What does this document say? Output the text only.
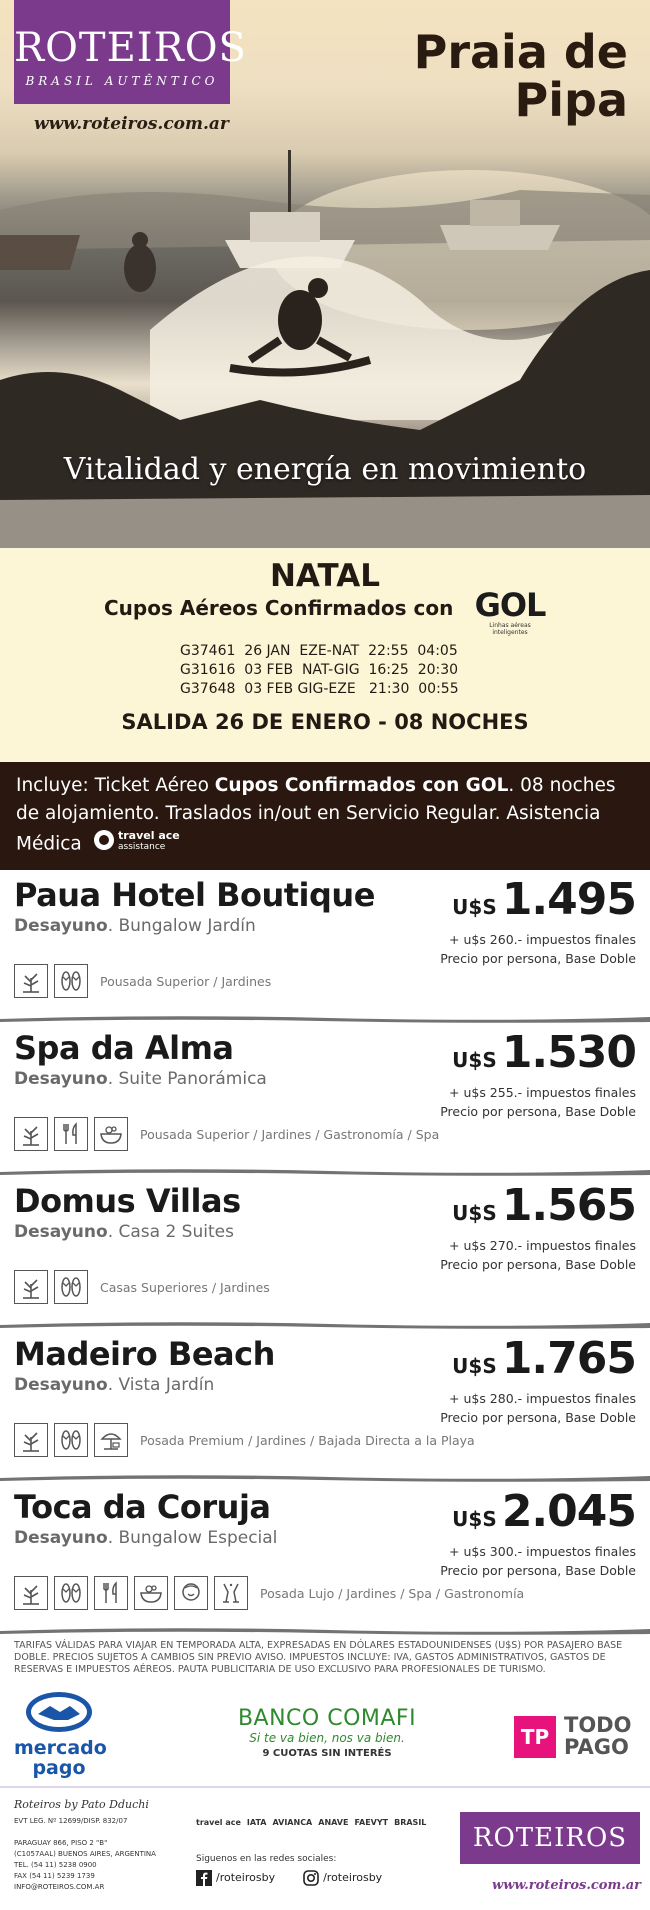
ROTEIROS
BRASIL AUTÊNTICO
www.roteiros.com.ar
Praia de
Pipa
Vitalidad y energía en movimiento
NATAL
Cupos Aéreos Confirmados con GOL
Linhas aéreas inteligentes
G37461  26 JAN  EZE-NAT  22:55  04:05
G31616  03 FEB  NAT-GIG  16:25  20:30
G37648  03 FEB GIG-EZE   21:30  00:55
SALIDA 26 DE ENERO - 08 NOCHES
Incluye: Ticket Aéreo Cupos Confirmados con GOL. 08 noches de alojamiento. Traslados in/out en Servicio Regular. Asistencia Médica	travel ace
assistance
Paua Hotel Boutique
Desayuno. Bungalow Jardín
U$S 1.495
+ u$s 260.- impuestos finales
Precio por persona, Base Doble
Pousada Superior / Jardines
Spa da Alma
Desayuno. Suite Panorámica
U$S 1.530
+ u$s 255.- impuestos finales
Precio por persona, Base Doble
Pousada Superior / Jardines / Gastronomía / Spa
Domus Villas
Desayuno. Casa 2 Suites
U$S 1.565
+ u$s 270.- impuestos finales
Precio por persona, Base Doble
Casas Superiores / Jardines
Madeiro Beach
Desayuno. Vista Jardín
U$S 1.765
+ u$s 280.- impuestos finales
Precio por persona, Base Doble
Posada Premium / Jardines / Bajada Directa a la Playa
Toca da Coruja
Desayuno. Bungalow Especial
U$S 2.045
+ u$s 300.- impuestos finales
Precio por persona, Base Doble
Posada Lujo / Jardines / Spa / Gastronomía
TARIFAS VÁLIDAS PARA VIAJAR EN TEMPORADA ALTA, EXPRESADAS EN DÓLARES ESTADOUNIDENSES (U$S) POR PASAJERO BASE DOBLE. PRECIOS SUJETOS A CAMBIOS SIN PREVIO AVISO. IMPUESTOS INCLUYE: IVA, GASTOS ADMINISTRATIVOS, GASTOS DE RESERVAS E IMPUESTOS AÉREOS. PAUTA PUBLICITARIA DE USO EXCLUSIVO PARA PROFESIONALES DE TURISMO.
mercado
pago
BANCO COMAFI
Si te va bien, nos va bien.
9 CUOTAS SIN INTERÉS
TP TODO
PAGO
Roteiros by Pato Dduchi
EVT LEG. Nº 12699/DISP. 832/07

PARAGUAY 866, PISO 2 "B"
(C1057AAL) BUENOS AIRES, ARGENTINA
TEL. (54 11) 5238 0900
FAX (54 11) 5239 1739
INFO@ROTEIROS.COM.AR
travel ace IATA AVIANCA ANAVE FAEVYT BRASIL
Siguenos en las redes sociales:
/roteirosby	/roteirosby
ROTEIROS
www.roteiros.com.ar
